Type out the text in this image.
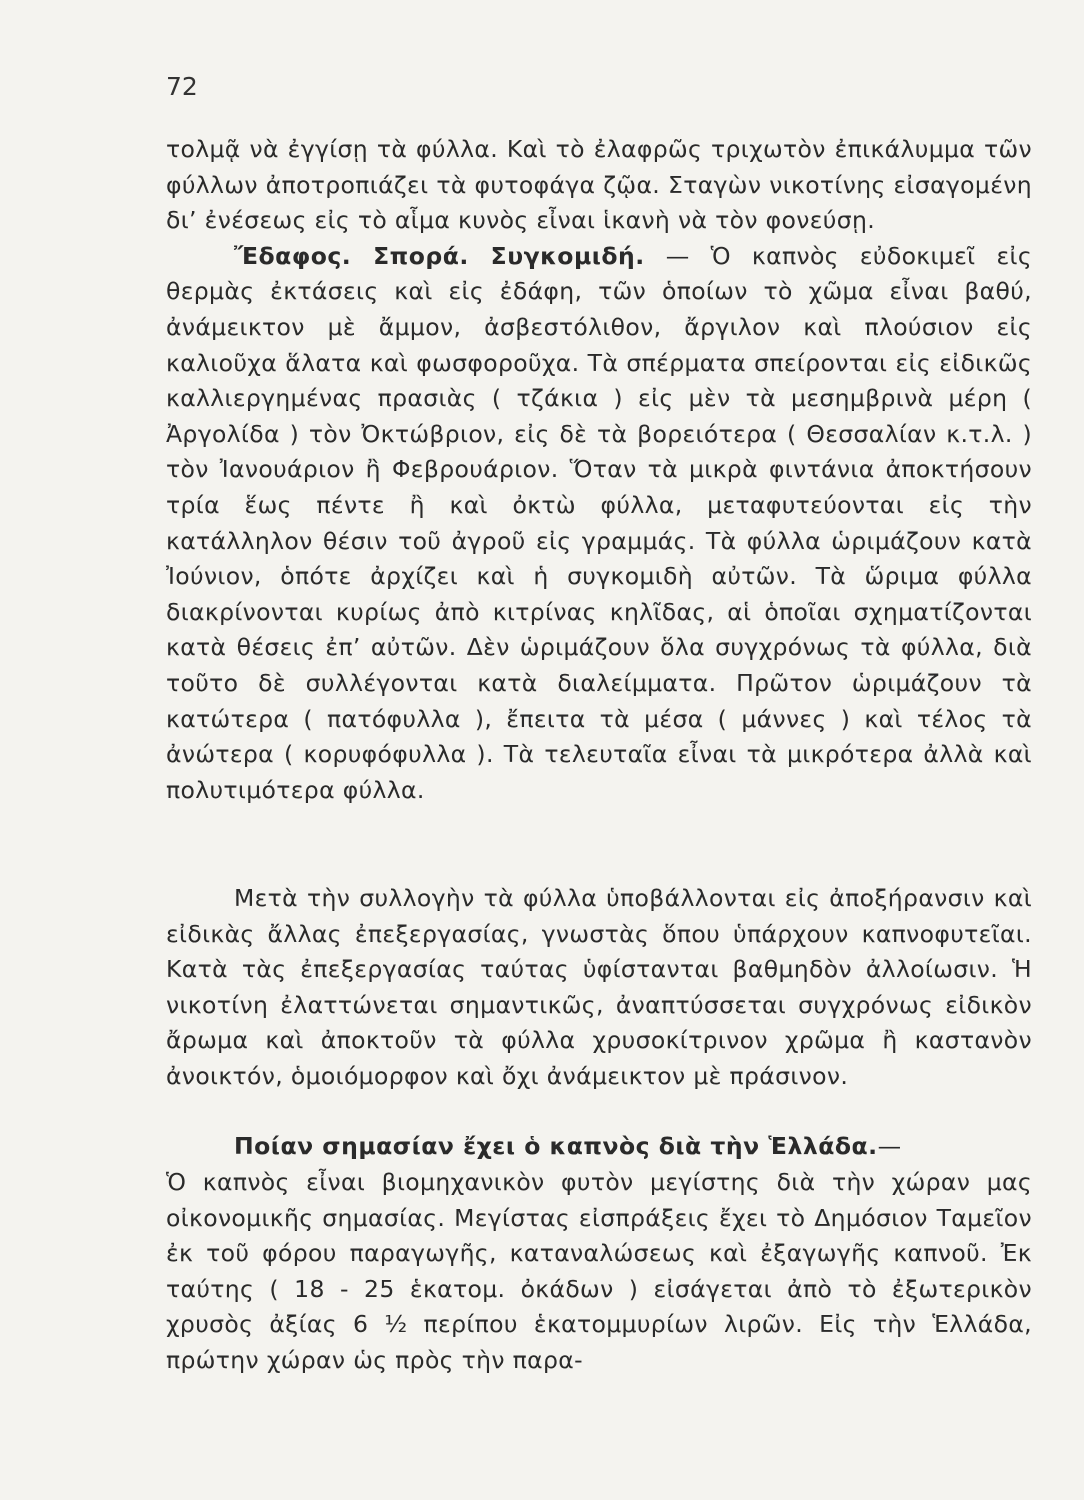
72

τολμᾷ νὰ ἐγγίσῃ τὰ φύλλα. Καὶ τὸ ἐλαφρῶς τριχωτὸν ἐπικάλυμμα τῶν φύλλων ἀποτροπιάζει τὰ φυτοφάγα ζῷα. Σταγὼν νικοτίνης εἰσαγομένη δι’ ἐνέσεως εἰς τὸ αἷμα κυνὸς εἶναι ἱκανὴ νὰ τὸν φονεύσῃ.

Ἔδαφος. Σπορά. Συγκομιδή. — Ὁ καπνὸς εὐδοκιμεῖ εἰς θερμὰς ἐκτάσεις καὶ εἰς ἐδάφη, τῶν ὁποίων τὸ χῶμα εἶναι βαθύ, ἀνάμεικτον μὲ ἄμμον, ἀσβεστόλιθον, ἄργιλον καὶ πλούσιον εἰς καλιοῦχα ἅλατα καὶ φωσφοροῦχα. Τὰ σπέρματα σπείρονται εἰς εἰδικῶς καλλιεργημένας πρασιὰς ( τζάκια ) εἰς μὲν τὰ μεσημβρινὰ μέρη ( Ἀργολίδα ) τὸν Ὀκτώβριον, εἰς δὲ τὰ βορειότερα ( Θεσσαλίαν κ.τ.λ. ) τὸν Ἰανουάριον ἢ Φεβρουάριον. Ὅταν τὰ μικρὰ φιντάνια ἀποκτήσουν τρία ἕως πέντε ἢ καὶ ὀκτὼ φύλλα, μεταφυτεύονται εἰς τὴν κατάλληλον θέσιν τοῦ ἀγροῦ εἰς γραμμάς. Τὰ φύλλα ὡριμάζουν κατὰ Ἰούνιον, ὁπότε ἀρχίζει καὶ ἡ συγκομιδὴ αὐτῶν. Τὰ ὥριμα φύλλα διακρίνονται κυρίως ἀπὸ κιτρίνας κηλῖδας, αἱ ὁποῖαι σχηματίζονται κατὰ θέσεις ἐπ’ αὐτῶν. Δὲν ὡριμάζουν ὅλα συγχρόνως τὰ φύλλα, διὰ τοῦτο δὲ συλλέγονται κατὰ διαλείμματα. Πρῶτον ὡριμάζουν τὰ κατώτερα ( πατόφυλλα ), ἔπειτα τὰ μέσα ( μάννες ) καὶ τέλος τὰ ἀνώτερα ( κορυφόφυλλα ). Τὰ τελευταῖα εἶναι τὰ μικρότερα ἀλλὰ καὶ πολυτιμότερα φύλλα.

Μετὰ τὴν συλλογὴν τὰ φύλλα ὑποβάλλονται εἰς ἀποξήρανσιν καὶ εἰδικὰς ἄλλας ἐπεξεργασίας, γνωστὰς ὅπου ὑπάρχουν καπνοφυτεῖαι. Κατὰ τὰς ἐπεξεργασίας ταύτας ὑφίστανται βαθμηδὸν ἀλλοίωσιν. Ἡ νικοτίνη ἐλαττώνεται σημαντικῶς, ἀναπτύσσεται συγχρόνως εἰδικὸν ἄρωμα καὶ ἀποκτοῦν τὰ φύλλα χρυσοκίτρινον χρῶμα ἢ καστανὸν ἀνοικτόν, ὁμοιόμορφον καὶ ὄχι ἀνάμεικτον μὲ πράσινον.

Ποίαν σημασίαν ἔχει ὁ καπνὸς διὰ τὴν Ἑλλάδα.—

Ὁ καπνὸς εἶναι βιομηχανικὸν φυτὸν μεγίστης διὰ τὴν χώραν μας οἰκονομικῆς σημασίας. Μεγίστας εἰσπράξεις ἔχει τὸ Δημόσιον Ταμεῖον ἐκ τοῦ φόρου παραγωγῆς, καταναλώσεως καὶ ἐξαγωγῆς καπνοῦ. Ἐκ ταύτης ( 18 - 25 ἑκατομ. ὀκάδων ) εἰσάγεται ἀπὸ τὸ ἐξωτερικὸν χρυσὸς ἀξίας 6 ½ περίπου ἑκατομμυρίων λιρῶν. Εἰς τὴν Ἑλλάδα, πρώτην χώραν ὡς πρὸς τὴν παρα-
